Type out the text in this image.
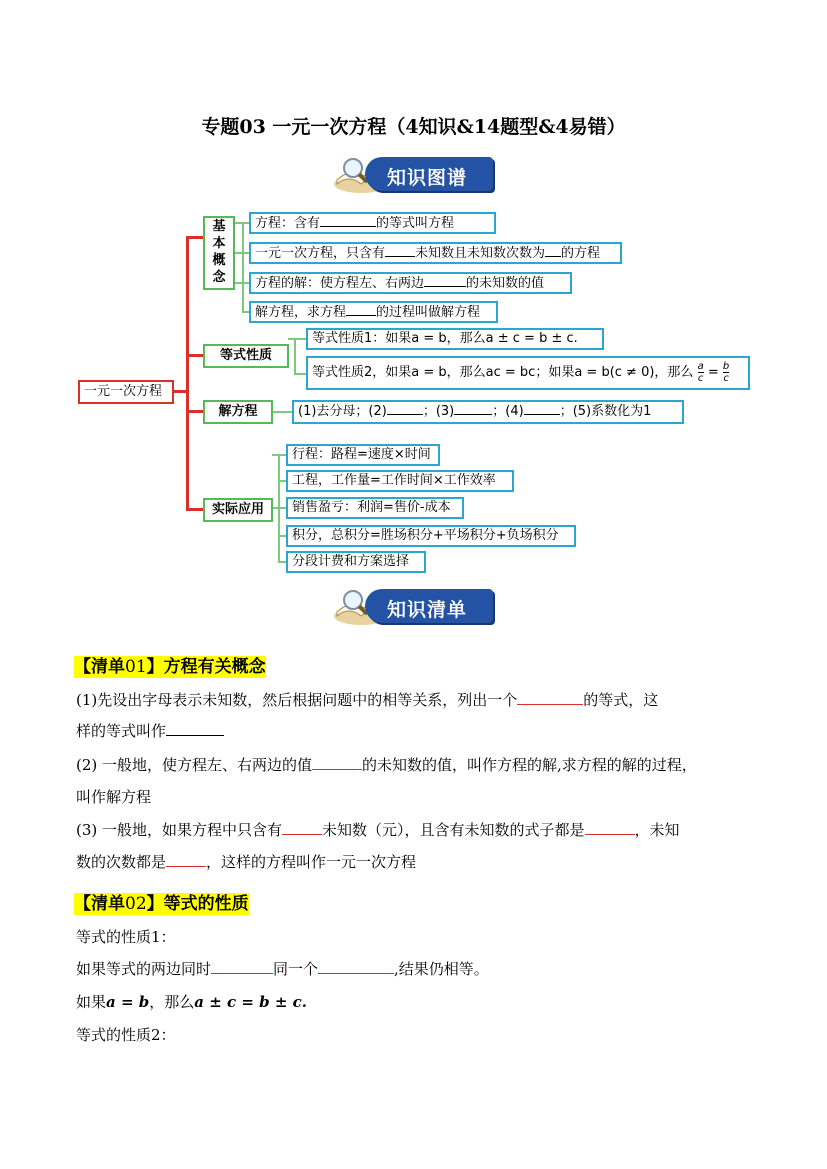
专题03 一元一次方程（4知识&14题型&4易错）
知识图谱
一元一次方程
基
本
概
念
方程：含有	的等式叫方程
一元一次方程，只含有 未知数且未知数次数为 的方程
方程的解：使方程左、右两边	的未知数的值
解方程，求方程 的过程叫做解方程
等式性质
等式性质1：如果a = b，那么a ± c = b ± c.
等式性质2，如果a = b，那么ac = bc；如果a = b(c ≠ 0)，那么 $\frac{a}{c} = \frac{b}{c}$
解方程	(1)去分母；(2)	；(3)	；(4)	；(5)系数化为1
实际应用
行程：路程=速度×时间
工程，工作量=工作时间×工作效率
销售盈亏：利润=售价-成本
积分，总积分=胜场积分+平场积分+负场积分
分段计费和方案选择
知识清单
【清单01】方程有关概念
(1)先设出字母表示未知数，然后根据问题中的相等关系，列出一个	的等式，这
样的等式叫作
(2) 一般地，使方程左、右两边的值	的未知数的值，叫作方程的解,求方程的解的过程，
叫作解方程
(3) 一般地，如果方程中只含有	未知数（元），且含有未知数的式子都是	，未知
数的次数都是	，这样的方程叫作一元一次方程
【清单02】等式的性质
等式的性质1：
如果等式的两边同时	同一个	,结果仍相等。
如果a = b，那么a ± c = b ± c.
等式的性质2：
